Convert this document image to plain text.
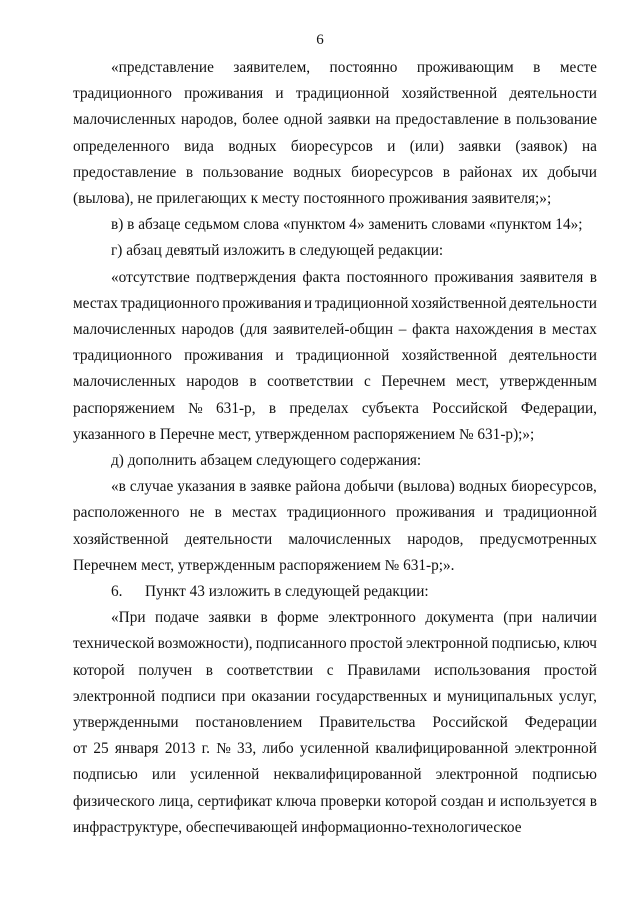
6
«представление заявителем, постоянно проживающим в месте
традиционного проживания и традиционной хозяйственной деятельности
малочисленных народов, более одной заявки на предоставление в пользование
определенного вида водных биоресурсов и (или) заявки (заявок) на
предоставление в пользование водных биоресурсов в районах их добычи
(вылова), не прилегающих к месту постоянного проживания заявителя;»;
в) в абзаце седьмом слова «пунктом 4» заменить словами «пунктом 14»;
г) абзац девятый изложить в следующей редакции:
«отсутствие подтверждения факта постоянного проживания заявителя в
местах традиционного проживания и традиционной хозяйственной деятельности
малочисленных народов (для заявителей-общин – факта нахождения в местах
традиционного проживания и традиционной хозяйственной деятельности
малочисленных народов в соответствии с Перечнем мест, утвержденным
распоряжением № 631-р, в пределах субъекта Российской Федерации,
указанного в Перечне мест, утвержденном распоряжением № 631-р);»;
д) дополнить абзацем следующего содержания:
«в случае указания в заявке района добычи (вылова) водных биоресурсов,
расположенного не в местах традиционного проживания и традиционной
хозяйственной деятельности малочисленных народов, предусмотренных
Перечнем мест, утвержденным распоряжением № 631-р;».
6.	Пункт 43 изложить в следующей редакции:
«При подаче заявки в форме электронного документа (при наличии
технической возможности), подписанного простой электронной подписью, ключ
которой получен в соответствии с Правилами использования простой
электронной подписи при оказании государственных и муниципальных услуг,
утвержденными постановлением Правительства Российской Федерации
от 25 января 2013 г. № 33, либо усиленной квалифицированной электронной
подписью или усиленной неквалифицированной электронной подписью
физического лица, сертификат ключа проверки которой создан и используется в
инфраструктуре, обеспечивающей информационно-технологическое
